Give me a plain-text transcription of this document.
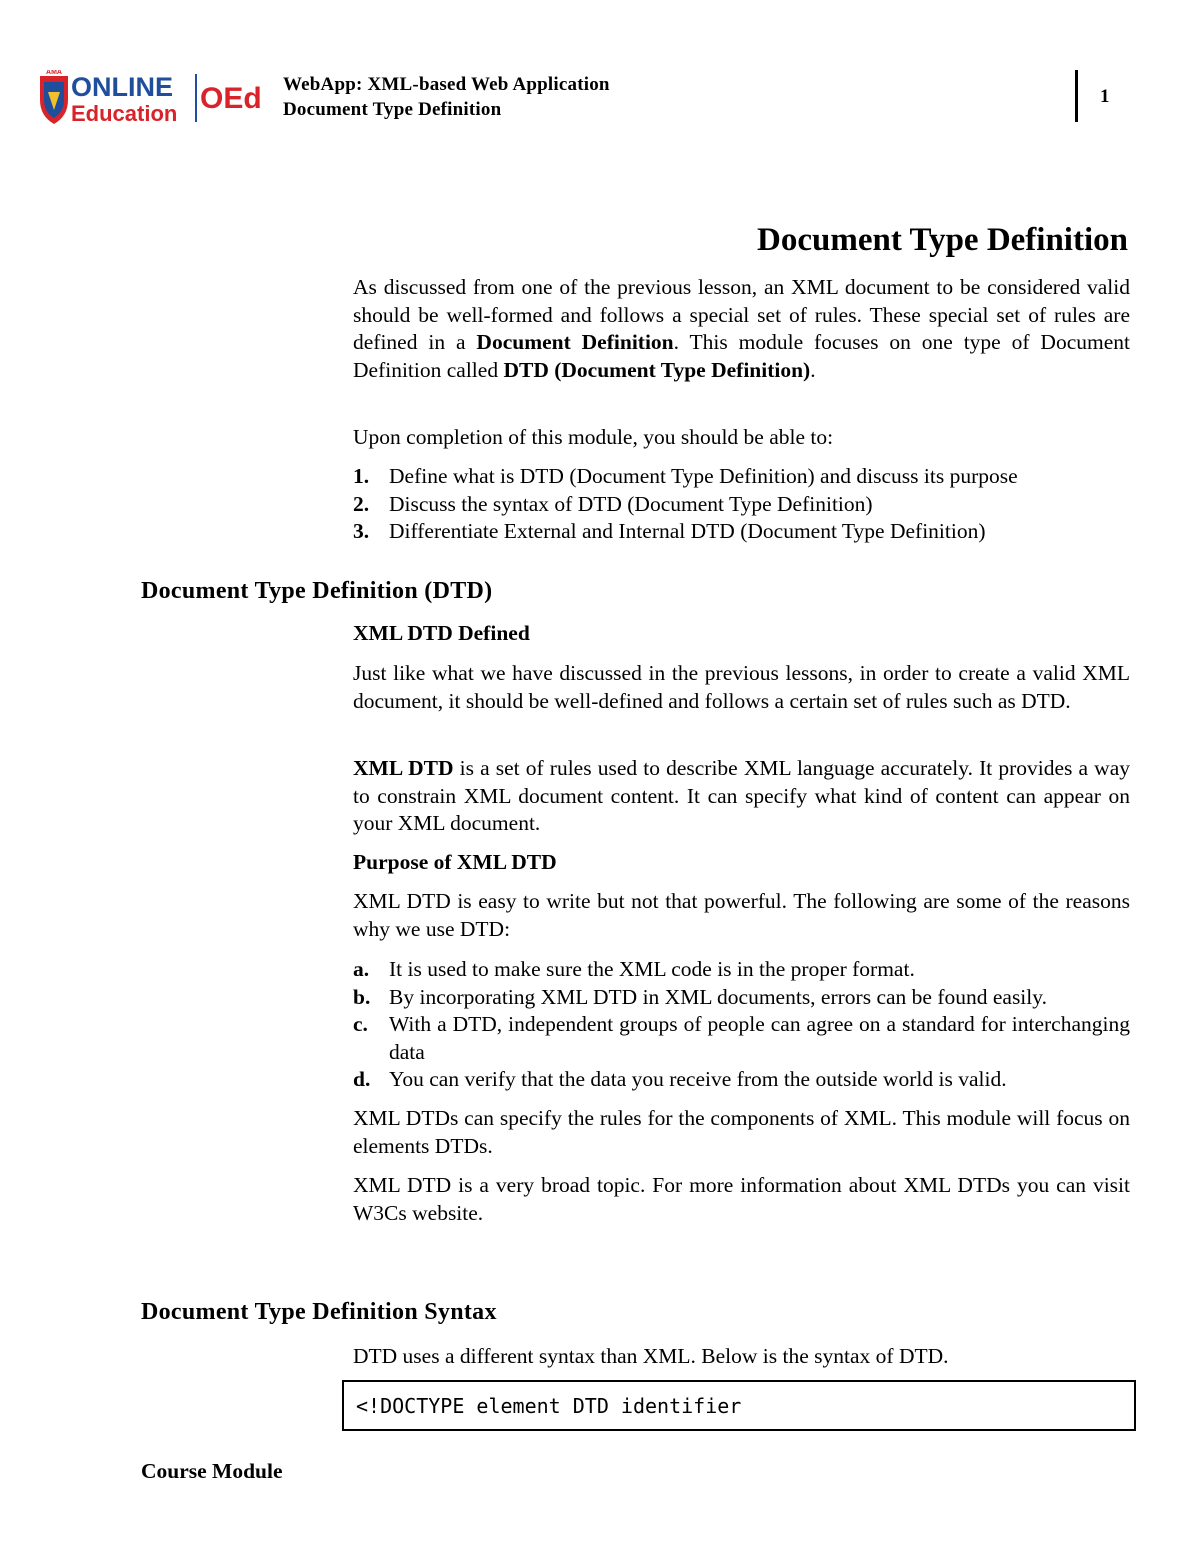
AMA ONLINE
Education OEd WebApp: XML-based Web Application
Document Type Definition
1
Document Type Definition
As discussed from one of the previous lesson, an XML document to be considered valid should be well-formed and follows a special set of rules. These special set of rules are defined in a Document Definition. This module focuses on one type of Document Definition called DTD (Document Type Definition).
Upon completion of this module, you should be able to:
1. Define what is DTD (Document Type Definition) and discuss its purpose
2. Discuss the syntax of DTD (Document Type Definition)
3. Differentiate External and Internal DTD (Document Type Definition)
Document Type Definition (DTD)
XML DTD Defined
Just like what we have discussed in the previous lessons, in order to create a valid XML document, it should be well-defined and follows a certain set of rules such as DTD.
XML DTD is a set of rules used to describe XML language accurately. It provides a way to constrain XML document content. It can specify what kind of content can appear on your XML document.
Purpose of XML DTD
XML DTD is easy to write but not that powerful. The following are some of the reasons why we use DTD:
a. It is used to make sure the XML code is in the proper format.
b. By incorporating XML DTD in XML documents, errors can be found easily.
c. With a DTD, independent groups of people can agree on a standard for interchanging data
d. You can verify that the data you receive from the outside world is valid.
XML DTDs can specify the rules for the components of XML. This module will focus on elements DTDs.
XML DTD is a very broad topic. For more information about XML DTDs you can visit W3Cs website.
Document Type Definition Syntax
DTD uses a different syntax than XML. Below is the syntax of DTD.
<!DOCTYPE element DTD identifier
Course Module
